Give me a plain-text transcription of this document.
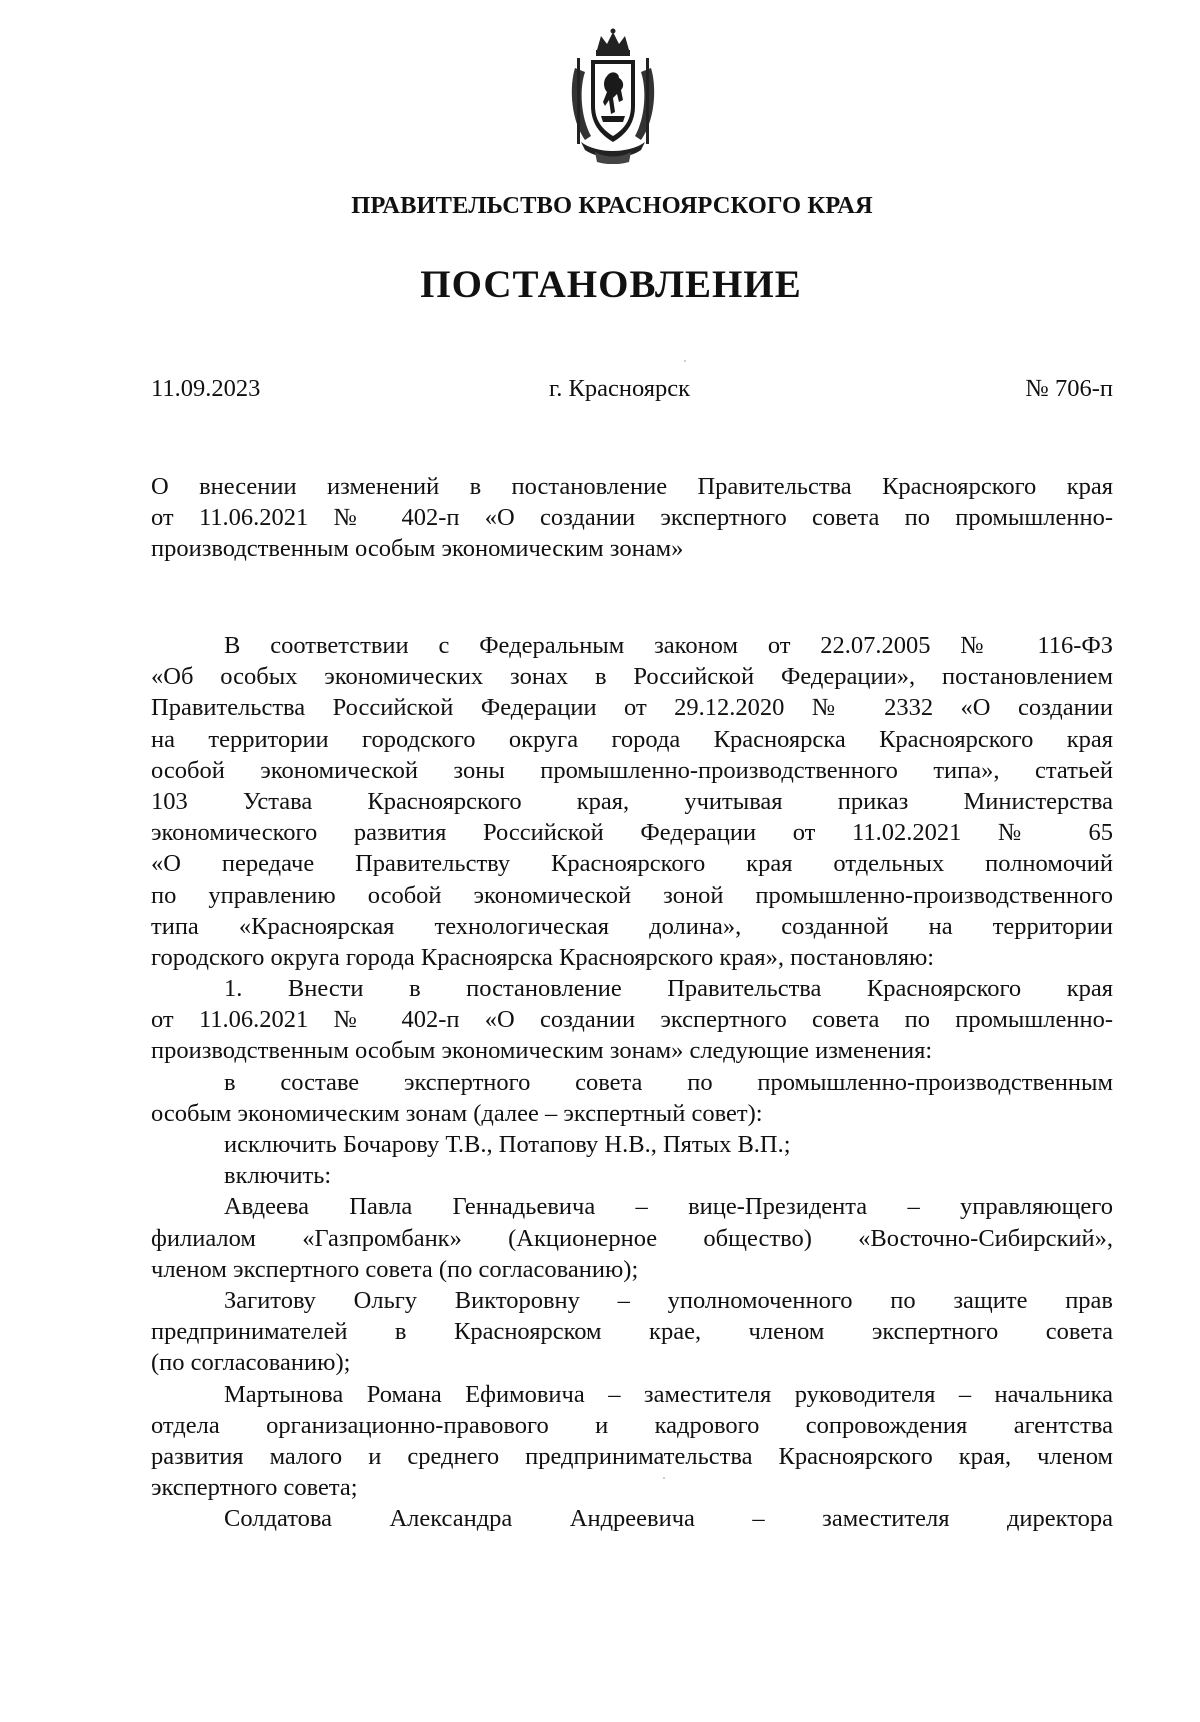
ПРАВИТЕЛЬСТВО КРАСНОЯРСКОГО КРАЯ
ПОСТАНОВЛЕНИЕ
11.09.2023	г. Красноярск	№ 706-п
О внесении изменений в постановление Правительства Красноярского края
от 11.06.2021 № 402-п «О создании экспертного совета по промышленно-
производственным особым экономическим зонам»
В соответствии с Федеральным законом от 22.07.2005 № 116-ФЗ
«Об особых экономических зонах в Российской Федерации», постановлением
Правительства Российской Федерации от 29.12.2020 № 2332 «О создании
на территории городского округа города Красноярска Красноярского края
особой экономической зоны промышленно-производственного типа», статьей
103 Устава Красноярского края, учитывая приказ Министерства
экономического развития Российской Федерации от 11.02.2021 № 65
«О передаче Правительству Красноярского края отдельных полномочий
по управлению особой экономической зоной промышленно-производственного
типа «Красноярская технологическая долина», созданной на территории
городского округа города Красноярска Красноярского края», постановляю:
1. Внести в постановление Правительства Красноярского края
от 11.06.2021 № 402-п «О создании экспертного совета по промышленно-
производственным особым экономическим зонам» следующие изменения:
в составе экспертного совета по промышленно-производственным
особым экономическим зонам (далее – экспертный совет):
исключить Бочарову Т.В., Потапову Н.В., Пятых В.П.;
включить:
Авдеева Павла Геннадьевича – вице-Президента – управляющего
филиалом «Газпромбанк» (Акционерное общество) «Восточно-Сибирский»,
членом экспертного совета (по согласованию);
Загитову Ольгу Викторовну – уполномоченного по защите прав
предпринимателей в Красноярском крае, членом экспертного совета
(по согласованию);
Мартынова Романа Ефимовича – заместителя руководителя – начальника
отдела организационно-правового и кадрового сопровождения агентства
развития малого и среднего предпринимательства Красноярского края, членом
экспертного совета;
Солдатова Александра Андреевича – заместителя директора
